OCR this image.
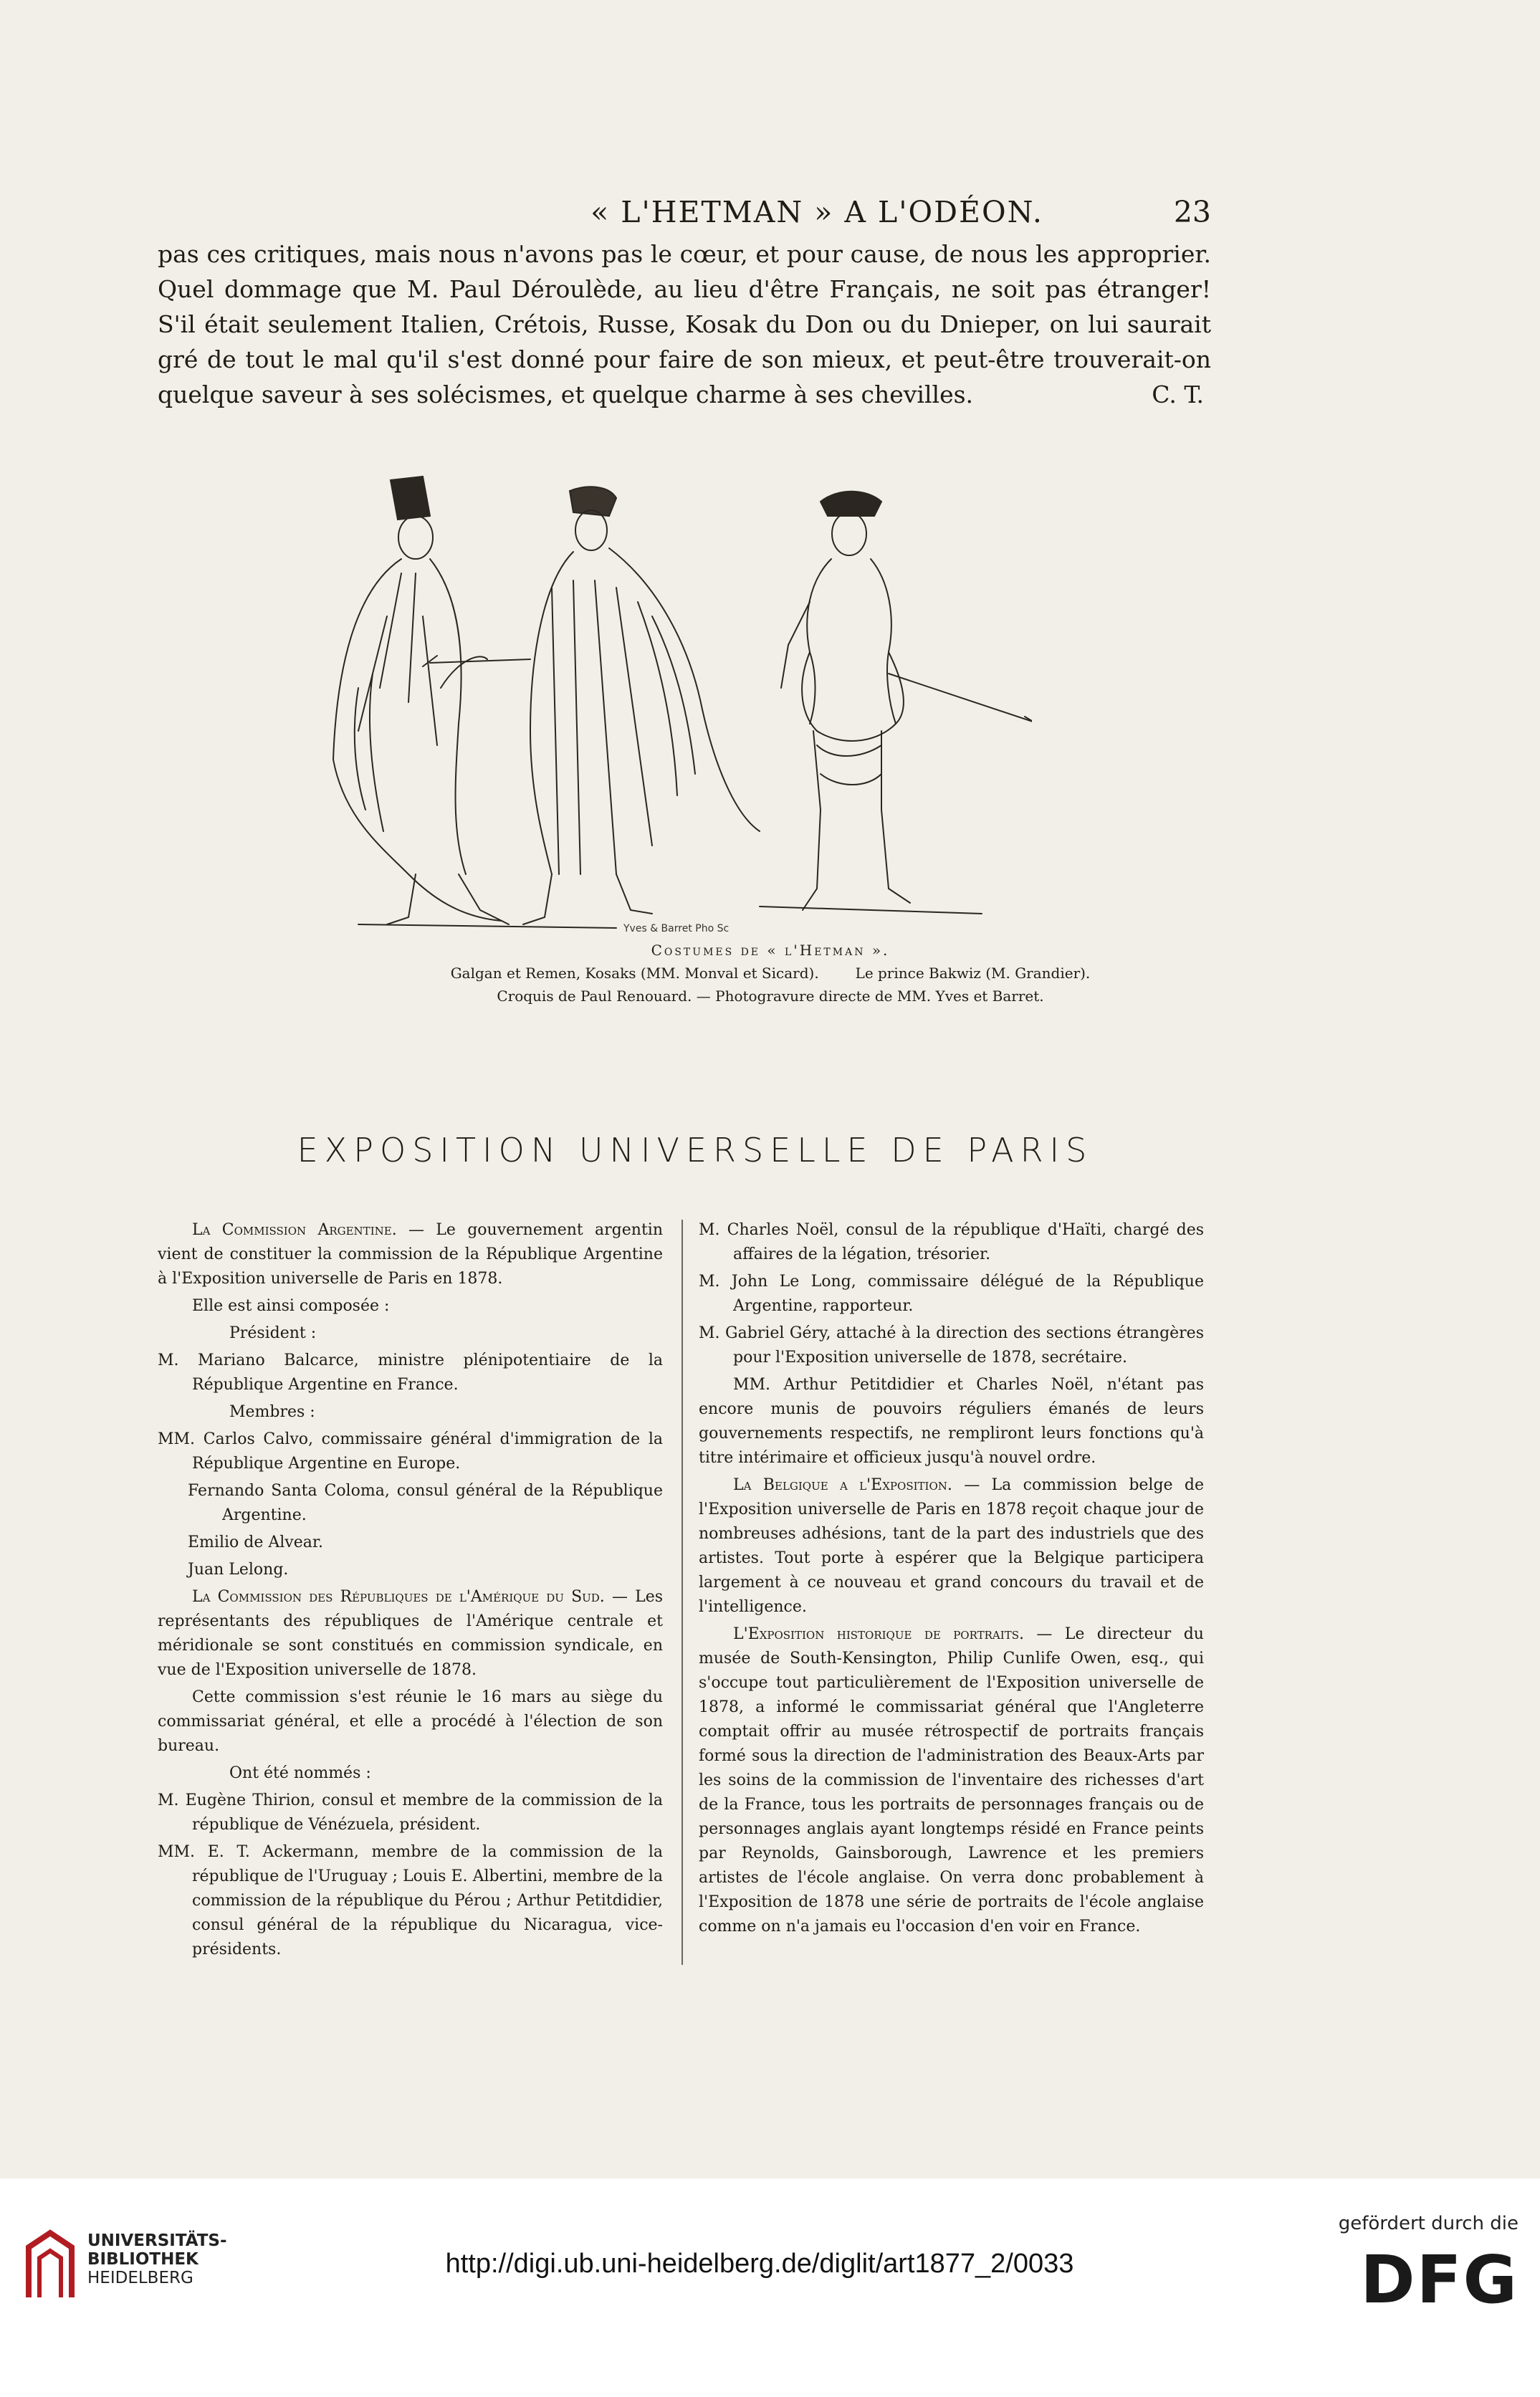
« L'HETMAN » A L'ODÉON.	23
pas ces critiques, mais nous n'avons pas le cœur, et pour cause, de nous les approprier. Quel dommage que M. Paul Déroulède, au lieu d'être Français, ne soit pas étranger! S'il était seulement Italien, Crétois, Russe, Kosak du Don ou du Dnieper, on lui saurait gré de tout le mal qu'il s'est donné pour faire de son mieux, et peut-être trouverait-on quelque saveur à ses solécismes, et quelque charme à ses chevilles.	C. T.
Yves & Barret Pho Sc
Costumes de « l'Hetman ».
Galgan et Remen, Kosaks (MM. Monval et Sicard).	Le prince Bakwiz (M. Grandier).
Croquis de Paul Renouard. — Photogravure directe de MM. Yves et Barret.
EXPOSITION UNIVERSELLE DE PARIS

La Commission Argentine. — Le gouvernement argentin vient de constituer la commission de la République Argentine à l'Exposition universelle de Paris en 1878.

Elle est ainsi composée :

Président :

M. Mariano Balcarce, ministre plénipotentiaire de la République Argentine en France.

Membres :

MM. Carlos Calvo, commissaire général d'immigration de la République Argentine en Europe.

Fernando Santa Coloma, consul général de la République Argentine.

Emilio de Alvear.

Juan Lelong.

La Commission des Républiques de l'Amérique du Sud. — Les représentants des républiques de l'Amérique centrale et méridionale se sont constitués en commission syndicale, en vue de l'Exposition universelle de 1878.

Cette commission s'est réunie le 16 mars au siège du commissariat général, et elle a procédé à l'élection de son bureau.

Ont été nommés :

M. Eugène Thirion, consul et membre de la commission de la république de Vénézuela, président.

MM. E. T. Ackermann, membre de la commission de la république de l'Uruguay ; Louis E. Albertini, membre de la commission de la république du Pérou ; Arthur Petitdidier, consul général de la république du Nicaragua, vice-présidents.

M. Charles Noël, consul de la république d'Haïti, chargé des affaires de la légation, trésorier.

M. John Le Long, commissaire délégué de la République Argentine, rapporteur.

M. Gabriel Géry, attaché à la direction des sections étrangères pour l'Exposition universelle de 1878, secrétaire.

MM. Arthur Petitdidier et Charles Noël, n'étant pas encore munis de pouvoirs réguliers émanés de leurs gouvernements respectifs, ne rempliront leurs fonctions qu'à titre intérimaire et officieux jusqu'à nouvel ordre.

La Belgique a l'Exposition. — La commission belge de l'Exposition universelle de Paris en 1878 reçoit chaque jour de nombreuses adhésions, tant de la part des industriels que des artistes. Tout porte à espérer que la Belgique participera largement à ce nouveau et grand concours du travail et de l'intelligence.

L'Exposition historique de portraits. — Le directeur du musée de South-Kensington, Philip Cunlife Owen, esq., qui s'occupe tout particulièrement de l'Exposition universelle de 1878, a informé le commissariat général que l'Angleterre comptait offrir au musée rétrospectif de portraits français formé sous la direction de l'administration des Beaux-Arts par les soins de la commission de l'inventaire des richesses d'art de la France, tous les portraits de personnages français ou de personnages anglais ayant longtemps résidé en France peints par Reynolds, Gainsborough, Lawrence et les premiers artistes de l'école anglaise. On verra donc probablement à l'Exposition de 1878 une série de portraits de l'école anglaise comme on n'a jamais eu l'occasion d'en voir en France.

UNIVERSITÄTS-
BIBLIOTHEK
HEIDELBERG	http://digi.ub.uni-heidelberg.de/diglit/art1877_2/0033
gefördert durch die
DFG
